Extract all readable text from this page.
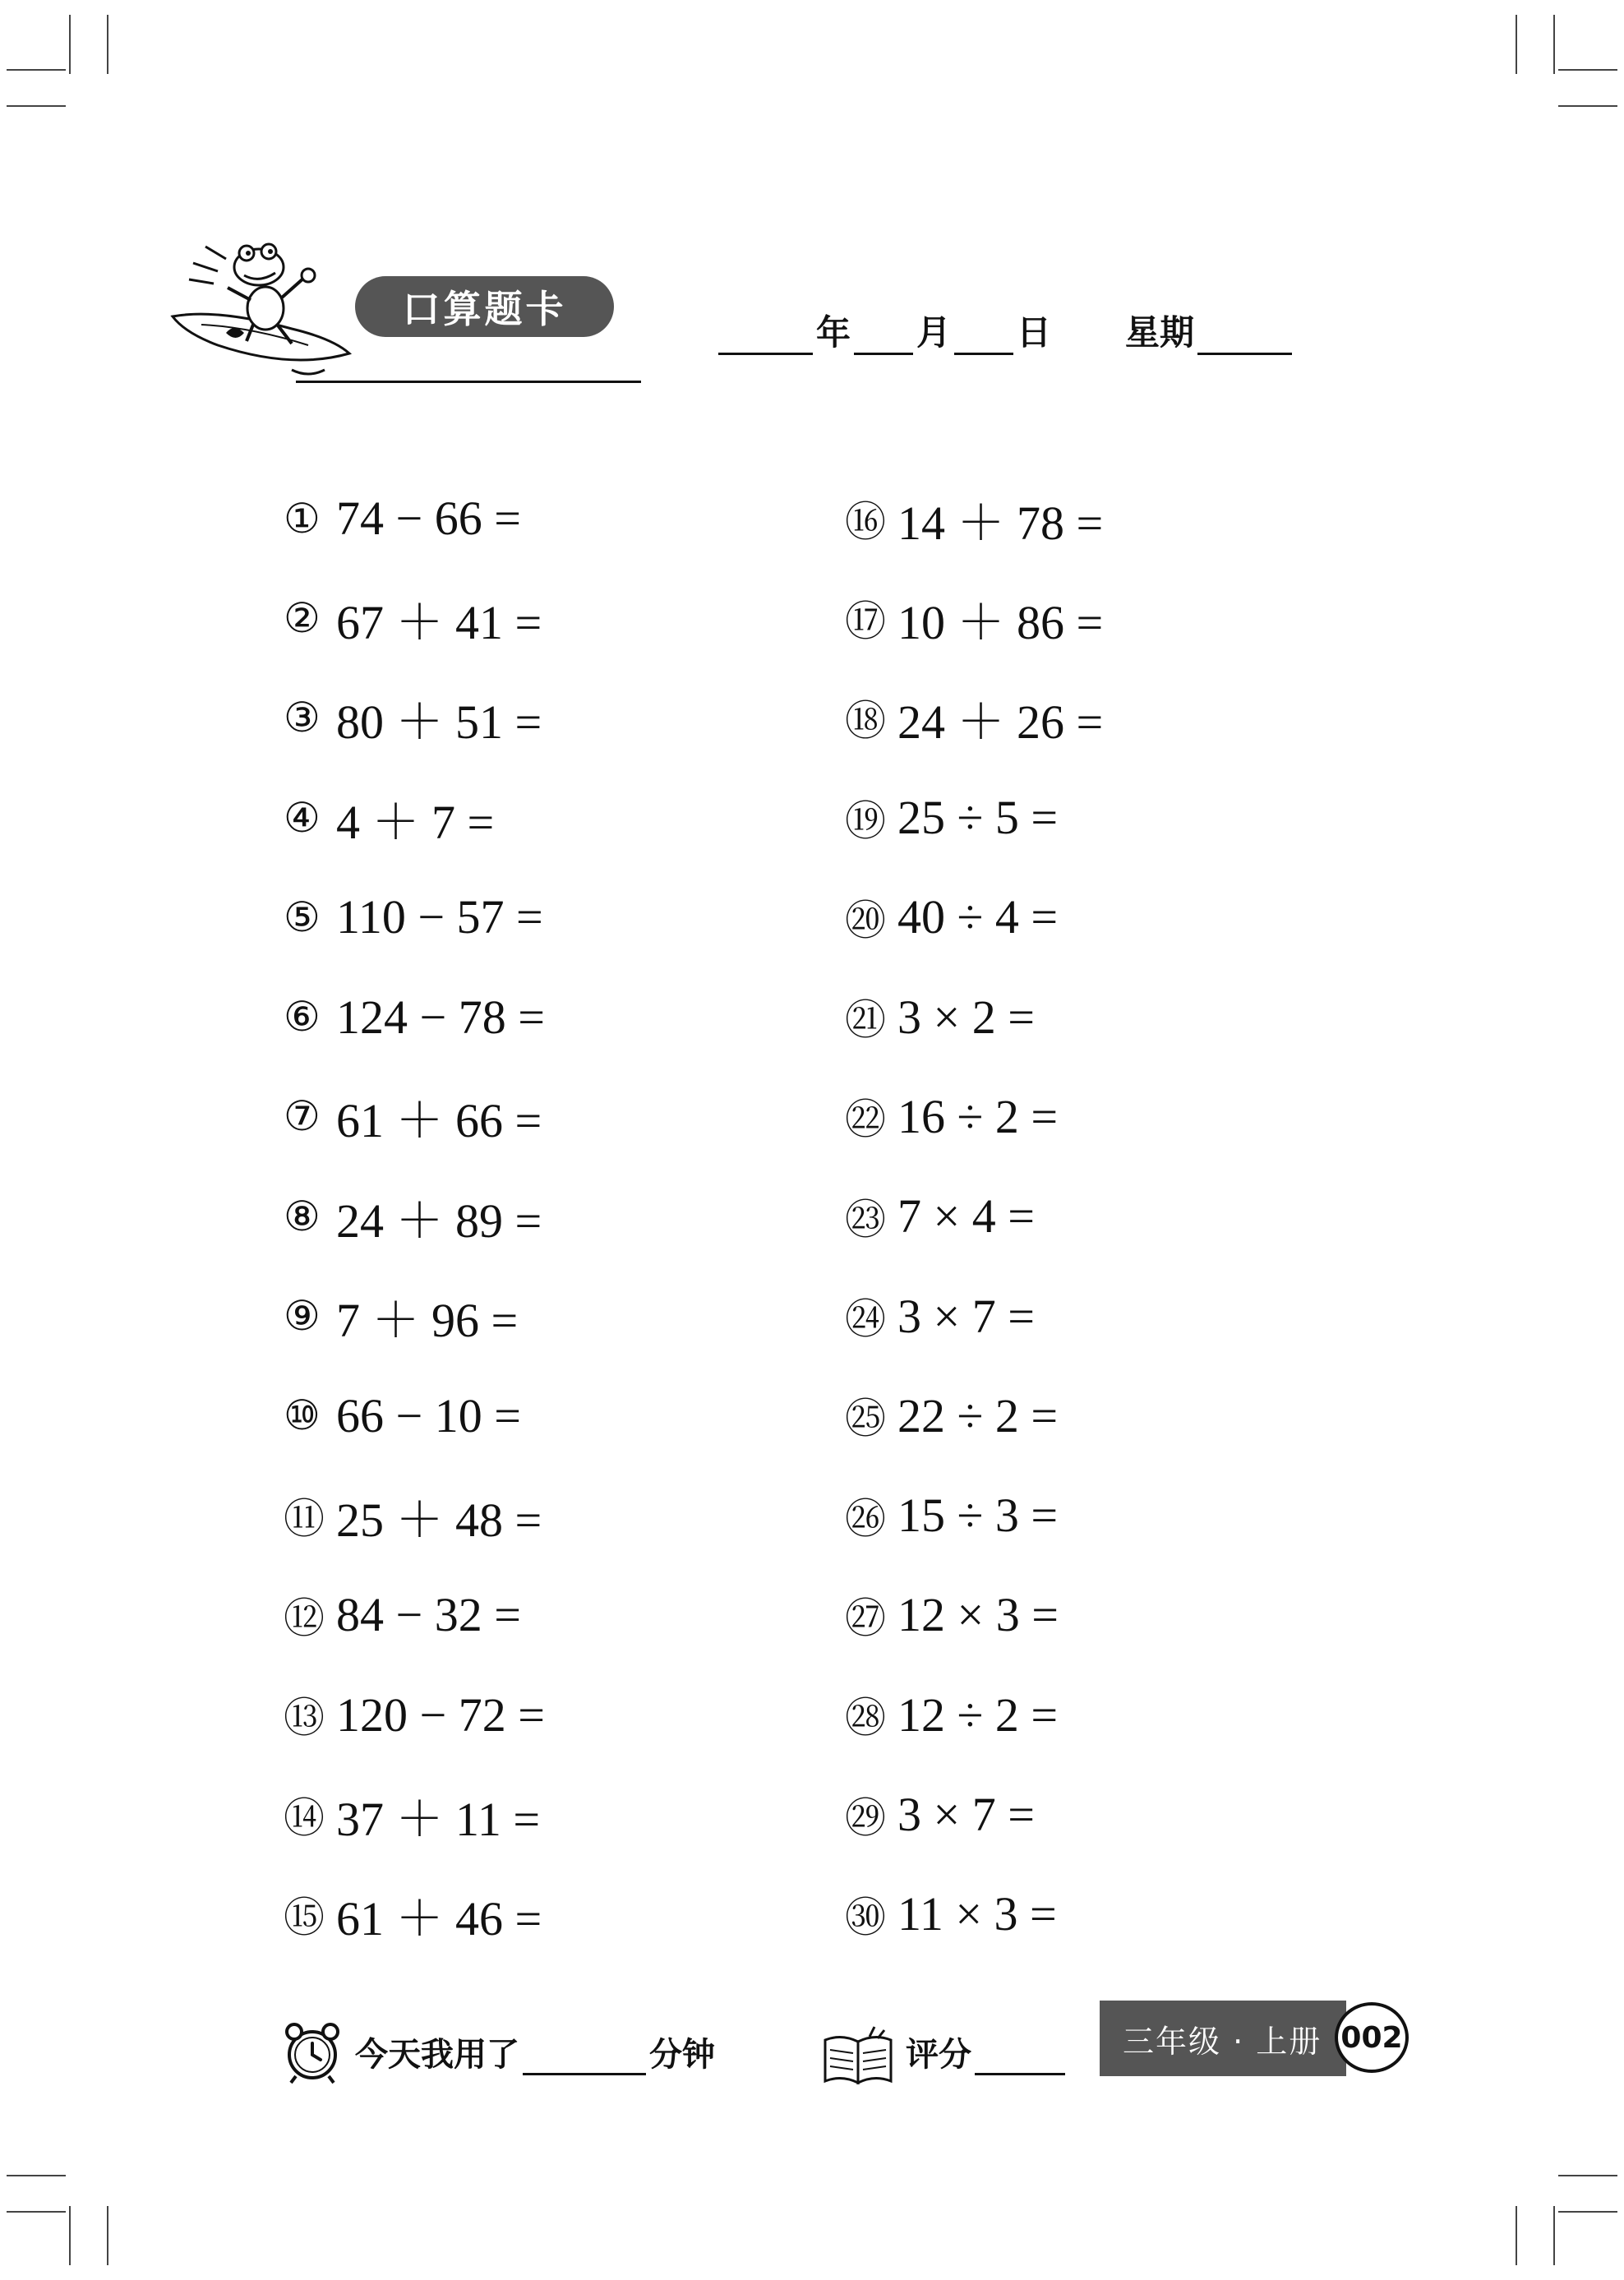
口算题卡
年 月 日 星期
① 74 − 66 =
② 67 ＋ 41 =
③ 80 ＋ 51 =
④ 4 ＋ 7 =
⑤ 110 − 57 =
⑥ 124 − 78 =
⑦ 61 ＋ 66 =
⑧ 24 ＋ 89 =
⑨ 7 ＋ 96 =
⑩ 66 − 10 =
⑪ 25 ＋ 48 =
⑫ 84 − 32 =
⑬ 120 − 72 =
⑭ 37 ＋ 11 =
⑮ 61 ＋ 46 =
⑯ 14 ＋ 78 =
⑰ 10 ＋ 86 =
⑱ 24 ＋ 26 =
⑲ 25 ÷ 5 =
⑳ 40 ÷ 4 =
㉑ 3 × 2 =
㉒ 16 ÷ 2 =
㉓ 7 × 4 =
㉔ 3 × 7 =
㉕ 22 ÷ 2 =
㉖ 15 ÷ 3 =
㉗ 12 × 3 =
㉘ 12 ÷ 2 =
㉙ 3 × 7 =
㉚ 11 × 3 =
今天我用了	分钟	评分	三年级 · 上册 002
